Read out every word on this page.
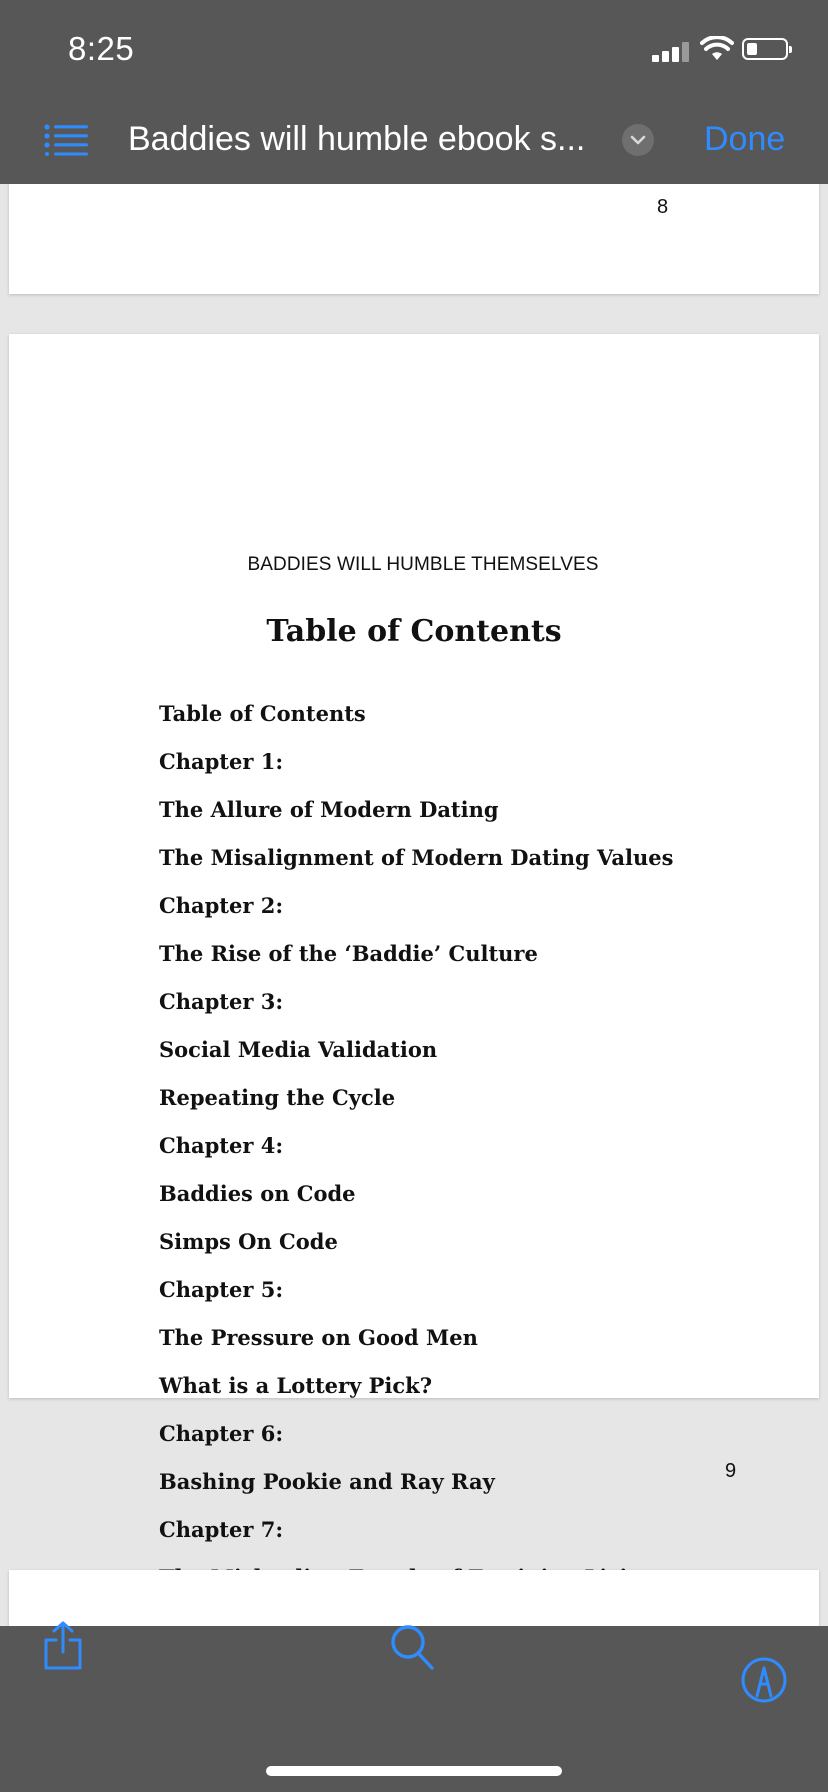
8:25
Baddies will humble ebook s...	Done
8
BADDIES WILL HUMBLE THEMSELVES
Table of Contents
Table of Contents
Chapter 1:
The Allure of Modern Dating
The Misalignment of Modern Dating Values
Chapter 2:
The Rise of the ‘Baddie’ Culture
Chapter 3:
Social Media Validation
Repeating the Cycle
Chapter 4:
Baddies on Code
Simps On Code
Chapter 5:
The Pressure on Good Men
What is a Lottery Pick?
Chapter 6:
Bashing Pookie and Ray Ray
Chapter 7:
9
